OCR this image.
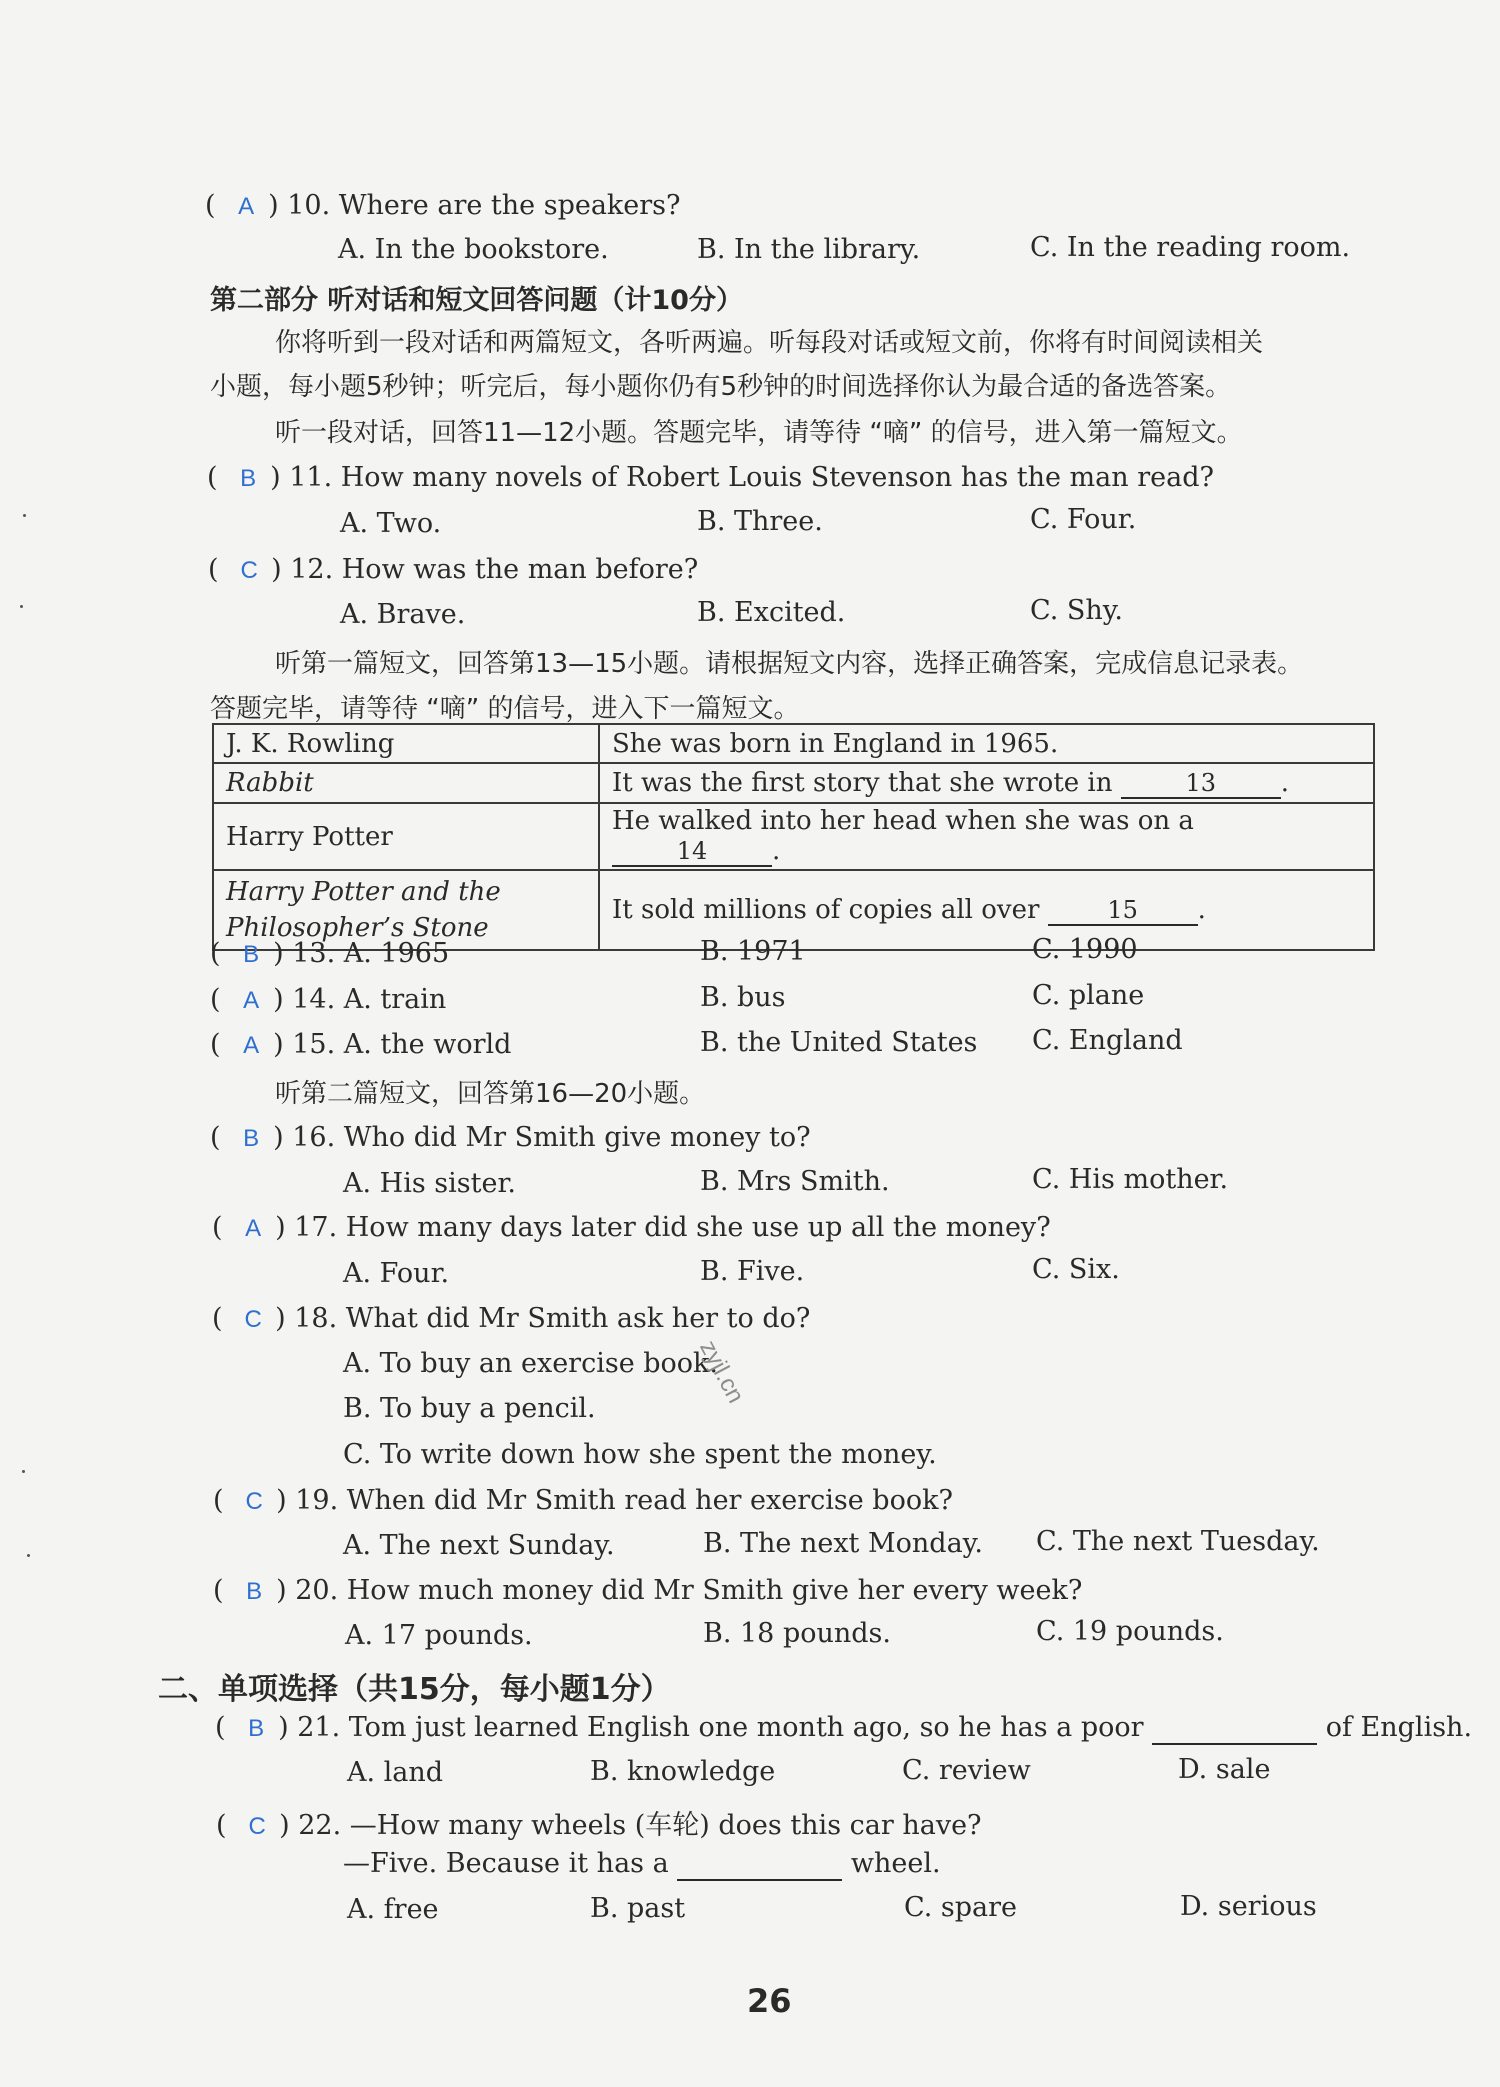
( A ) 10. Where are the speakers?
A. In the bookstore.	B. In the library.	C. In the reading room.
第二部分 听对话和短文回答问题（计10分）
你将听到一段对话和两篇短文，各听两遍。听每段对话或短文前，你将有时间阅读相关
小题，每小题5秒钟；听完后，每小题你仍有5秒钟的时间选择你认为最合适的备选答案。
听一段对话，回答11—12小题。答题完毕，请等待 “嘀” 的信号，进入第一篇短文。
( B ) 11. How many novels of Robert Louis Stevenson has the man read?
A. Two.	B. Three.	C. Four.
( C ) 12. How was the man before?
A. Brave.	B. Excited.	C. Shy.
听第一篇短文，回答第13—15小题。请根据短文内容，选择正确答案，完成信息记录表。
答题完毕，请等待 “嘀” 的信号，进入下一篇短文。
J. K. Rowling	She was born in England in 1965.
Rabbit	It was the first story that she wrote in 13 .
Harry Potter	He walked into her head when she was on a 14 .
Harry Potter and the
Philosopher’s Stone	It sold millions of copies all over 15 .
( B ) 13. A. 1965	B. 1971	C. 1990
( A ) 14. A. train	B. bus	C. plane
( A ) 15. A. the world	B. the United States C. England
听第二篇短文，回答第16—20小题。
( B ) 16. Who did Mr Smith give money to?
A. His sister.	B. Mrs Smith.	C. His mother.
( A ) 17. How many days later did she use up all the money?
A. Four.	B. Five.	C. Six.
( C ) 18. What did Mr Smith ask her to do?
A. To buy an exercise book.
B. To buy a pencil.
C. To write down how she spent the money.
zyjl.cn
( C ) 19. When did Mr Smith read her exercise book?
A. The next Sunday.	B. The next Monday. C. The next Tuesday.
( B ) 20. How much money did Mr Smith give her every week?
A. 17 pounds.	B. 18 pounds.	C. 19 pounds.
二、单项选择（共15分，每小题1分）
( B ) 21. Tom just learned English one month ago, so he has a poor	of English.
A. land	B. knowledge	C. review	D. sale
( C ) 22. —How many wheels (车轮) does this car have?
—Five. Because it has a	wheel.
A. free	B. past	C. spare	D. serious
26
